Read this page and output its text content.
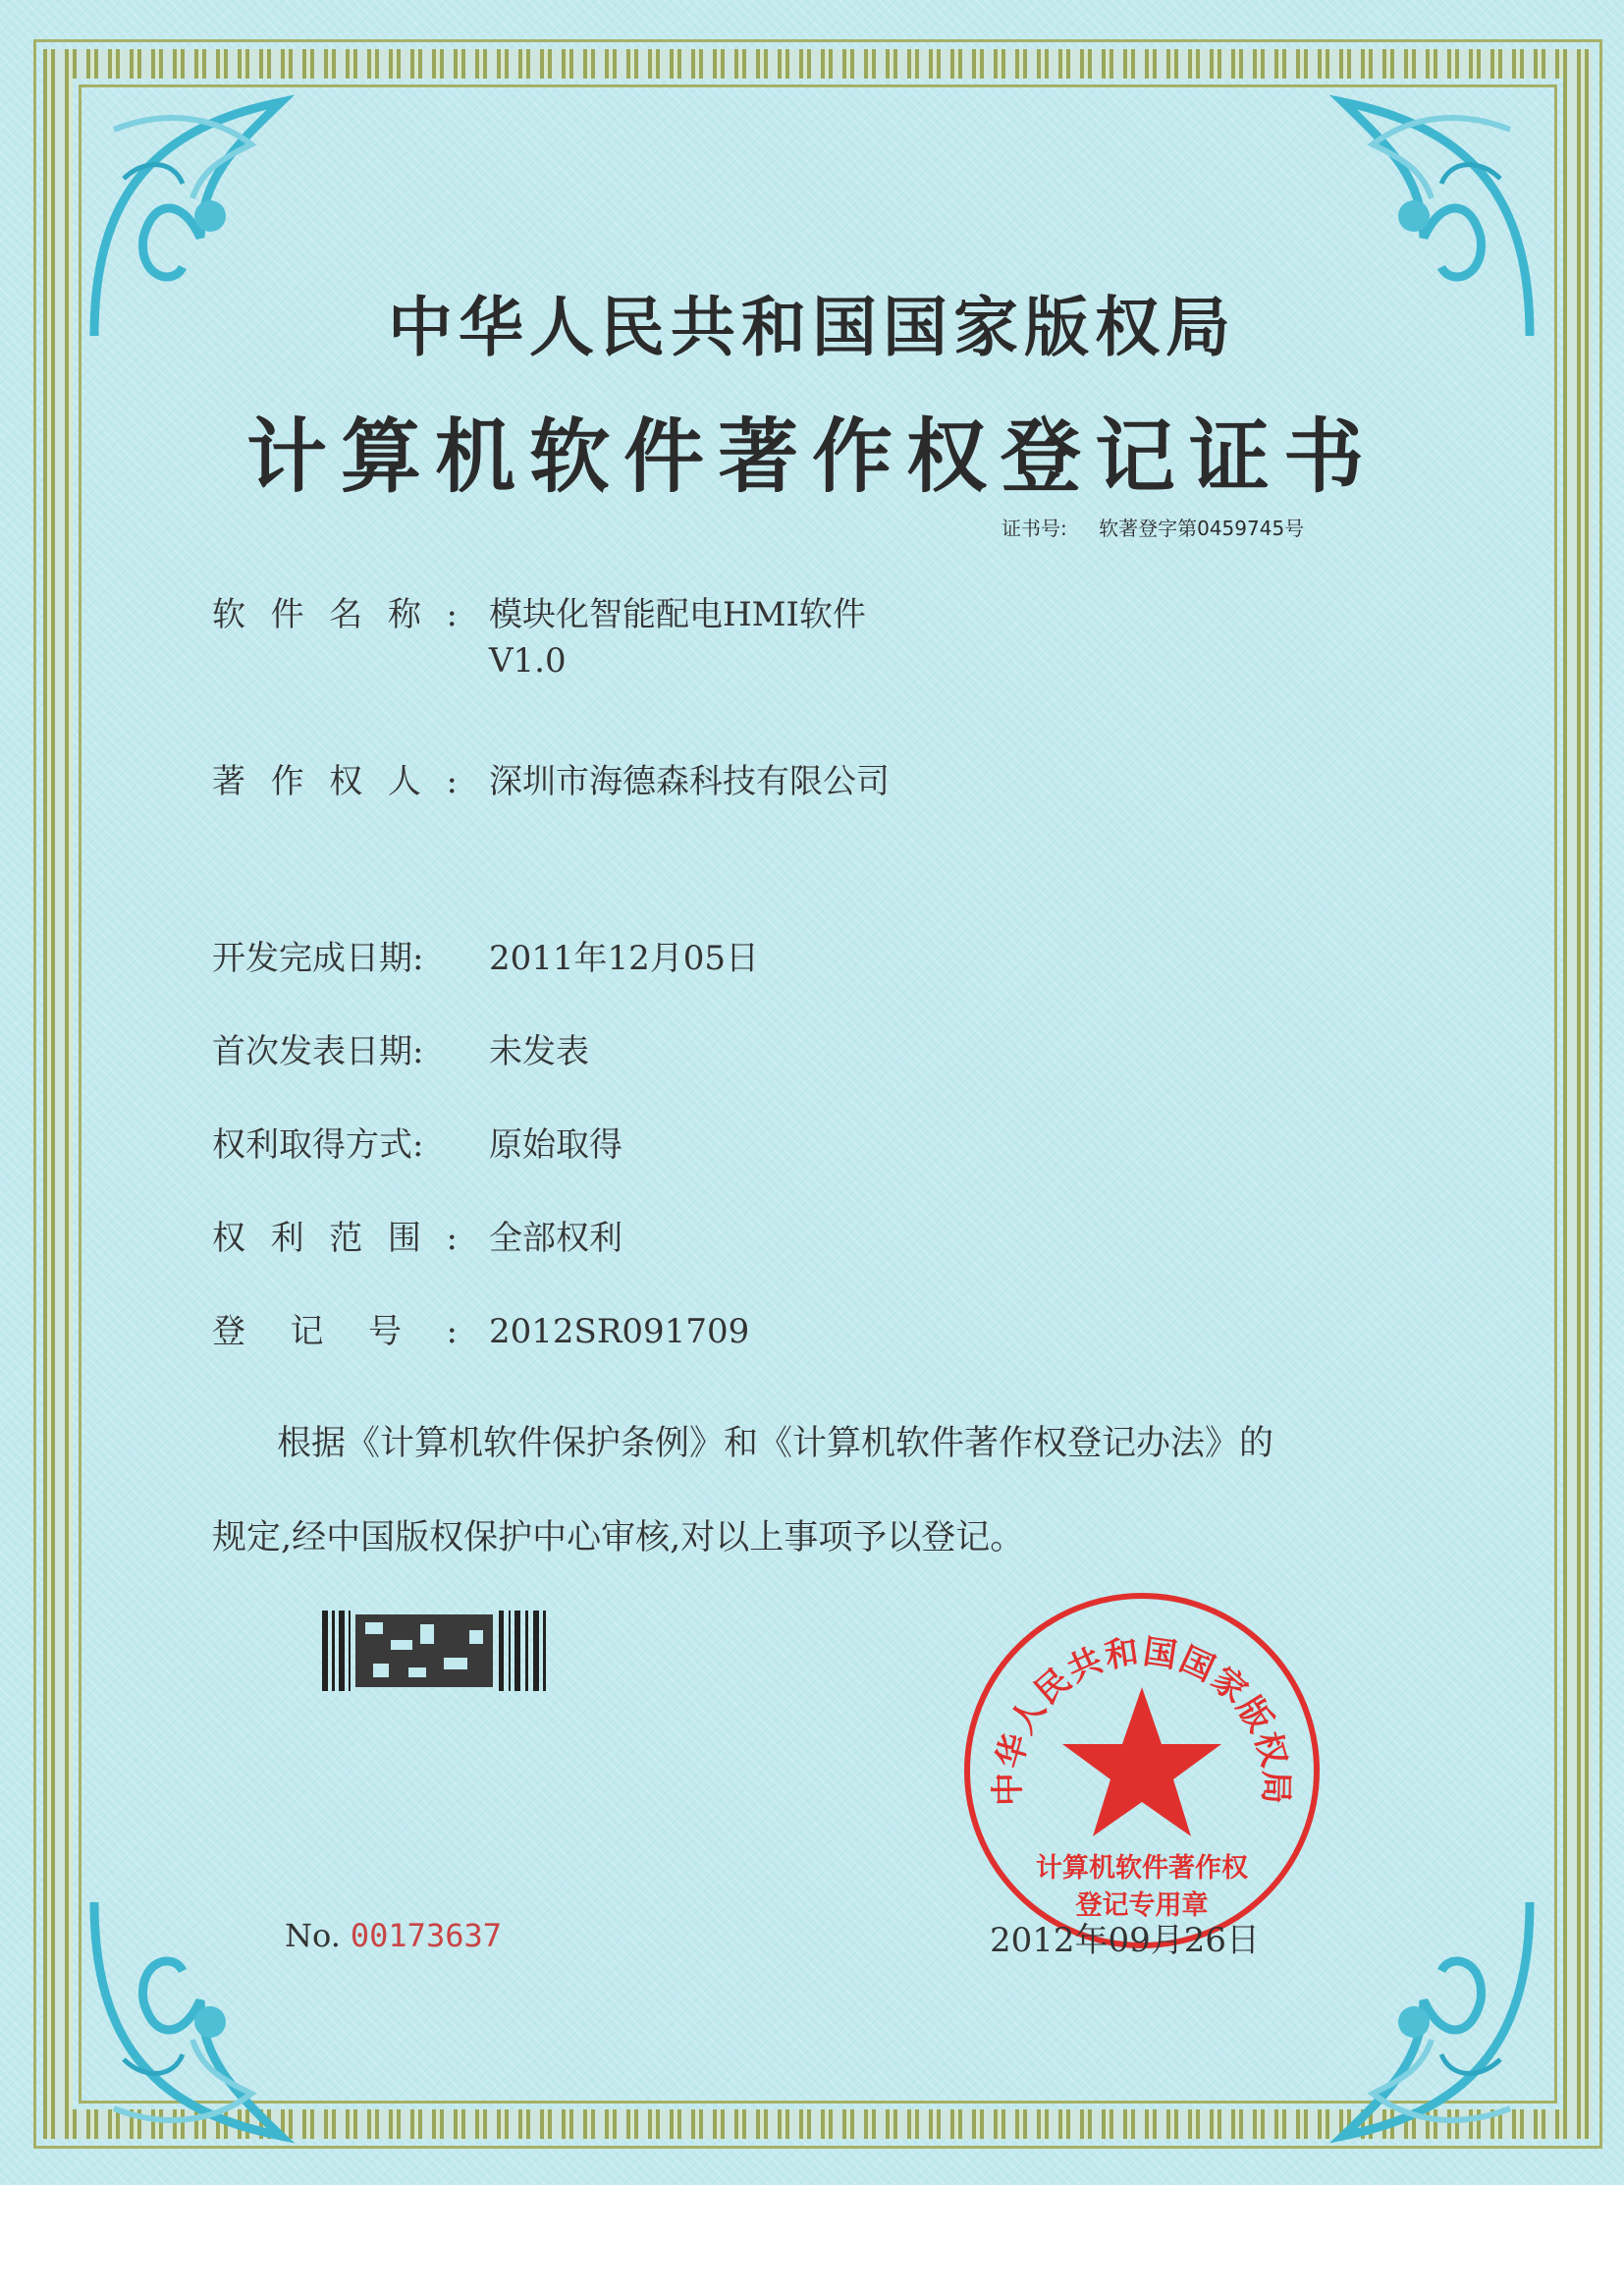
中华人民共和国国家版权局
计算机软件著作权登记证书
证书号: 软著登字第0459745号
软件名称: 模块化智能配电HMI软件
V1.0
著作权人: 深圳市海德森科技有限公司
开发完成日期: 2011年12月05日
首次发表日期: 未发表
权利取得方式: 原始取得
权利范围: 全部权利
登记号: 2012SR091709
根据《计算机软件保护条例》和《计算机软件著作权登记办法》的
规定,经中国版权保护中心审核,对以上事项予以登记。
No. 00173637
中华人民共和国国家版权局
计算机软件著作权
登记专用章
2012年09月26日
